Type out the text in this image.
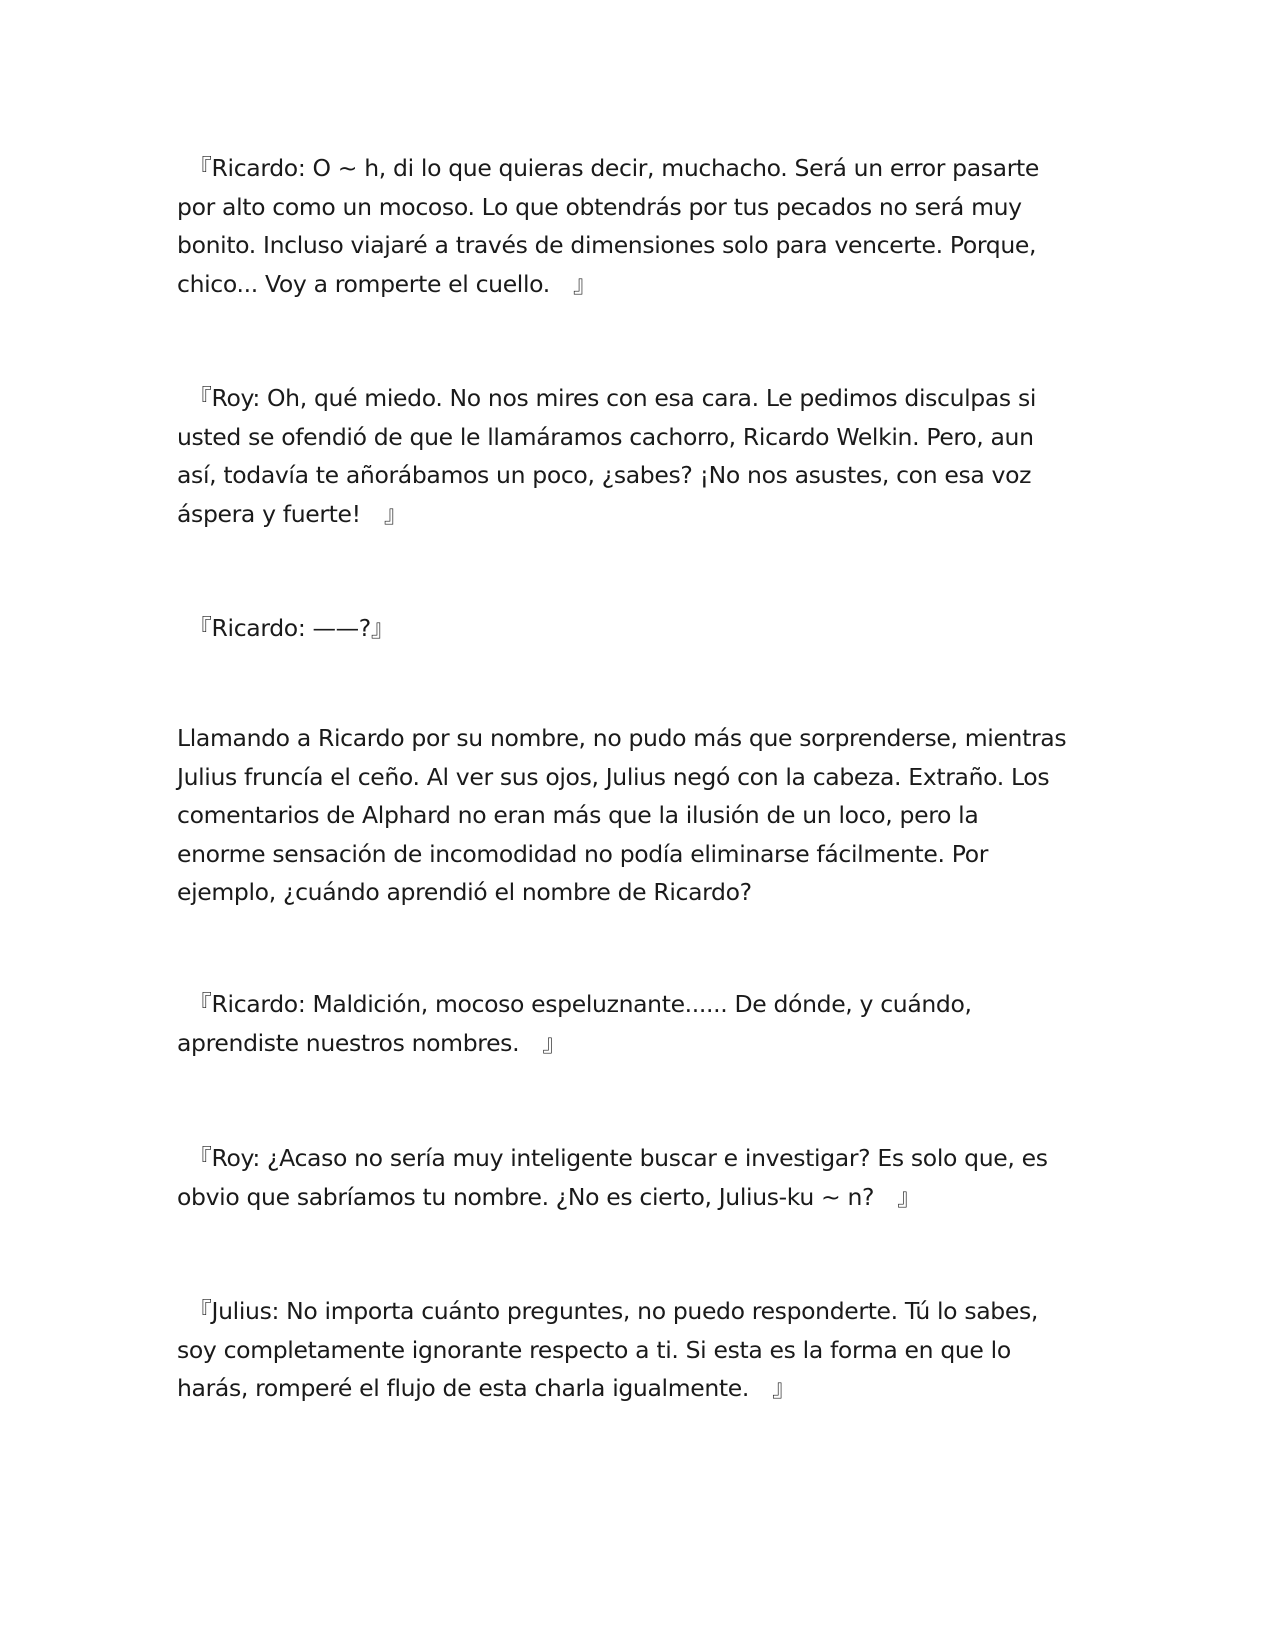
　『Ricardo: O ~ h, di lo que quieras decir, muchacho. Será un error pasarte
por alto como un mocoso. Lo que obtendrás por tus pecados no será muy
bonito. Incluso viajaré a través de dimensiones solo para vencerte. Porque,
chico... Voy a romperte el cuello.　』

　『Roy: Oh, qué miedo. No nos mires con esa cara. Le pedimos disculpas si
usted se ofendió de que le llamáramos cachorro, Ricardo Welkin. Pero, aun
así, todavía te añorábamos un poco, ¿sabes? ¡No nos asustes, con esa voz
áspera y fuerte!　』

　『Ricardo: ——?』

Llamando a Ricardo por su nombre, no pudo más que sorprenderse, mientras
Julius fruncía el ceño. Al ver sus ojos, Julius negó con la cabeza. Extraño. Los
comentarios de Alphard no eran más que la ilusión de un loco, pero la
enorme sensación de incomodidad no podía eliminarse fácilmente. Por
ejemplo, ¿cuándo aprendió el nombre de Ricardo?

　『Ricardo: Maldición, mocoso espeluznante...... De dónde, y cuándo,
aprendiste nuestros nombres.　』

　『Roy: ¿Acaso no sería muy inteligente buscar e investigar? Es solo que, es
obvio que sabríamos tu nombre. ¿No es cierto, Julius-ku ~ n?　』

　『Julius: No importa cuánto preguntes, no puedo responderte. Tú lo sabes,
soy completamente ignorante respecto a ti. Si esta es la forma en que lo
harás, romperé el flujo de esta charla igualmente.　』
